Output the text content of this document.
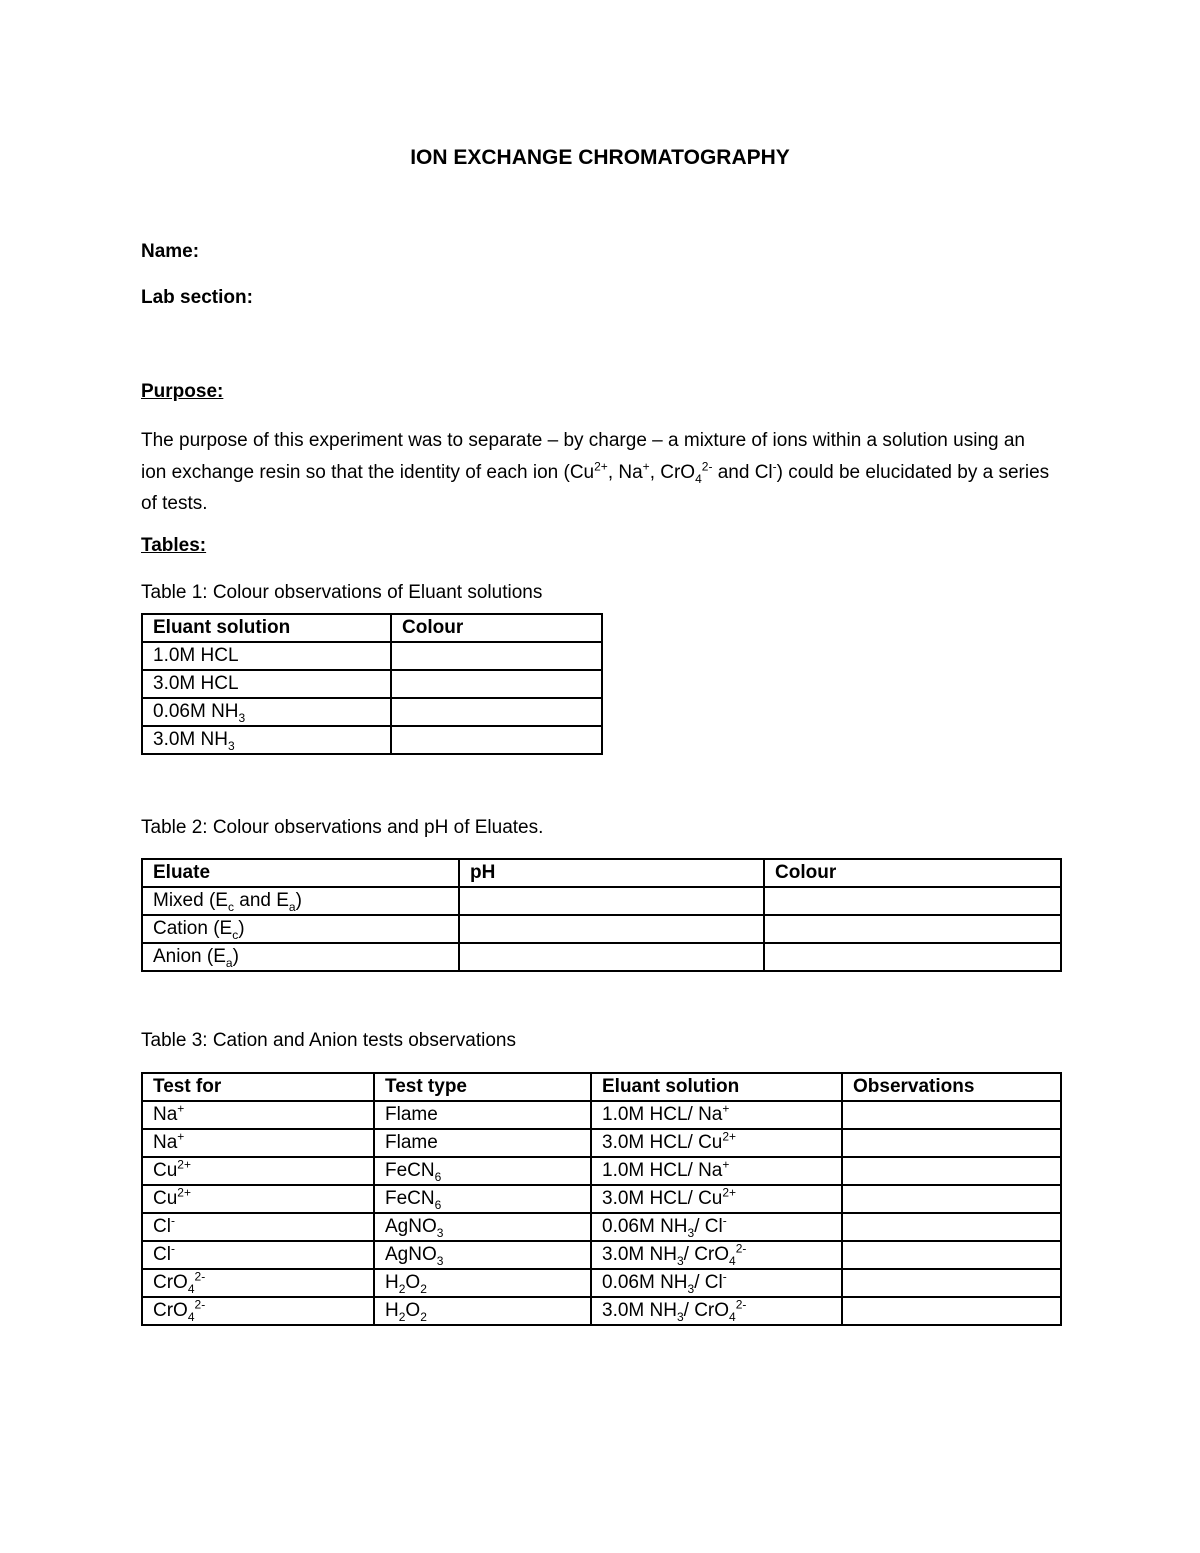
ION EXCHANGE CHROMATOGRAPHY
Name:
Lab section:
Purpose:
The purpose of this experiment was to separate – by charge – a mixture of ions within a solution using an ion exchange resin so that the identity of each ion ($Cu^{2+}$, Na+, CrO$_4^{2-}$ and Cl-) could be elucidated by a series of tests.
Tables:
Table 1: Colour observations of Eluant solutions
Eluant solution	Colour
1.0M HCL	
3.0M HCL	
0.06M $NH_3$	
3.0M $NH_3$	
Table 2: Colour observations and pH of Eluates.
Eluate	pH	Colour
Mixed ($E_c$ and $E_a$)		
Cation $(E_c)$		
Anion $(E_a)$		
Table 3: Cation and Anion tests observations
Test for	Test type	Eluant solution	Observations
Na+	Flame	1.0M HCL/ Na+	
Na+	Flame	3.0M HCL/ $Cu^{2+}$	
$Cu^{2+}$	FeCN$_6$	1.0M HCL/ Na+	
$Cu^{2+}$	FeCN$_6$	3.0M HCL/ $Cu^{2+}$	
Cl-	AgNO$_3$	0.06M $NH_3/$ Cl-	
Cl-	AgNO$_3$	3.0M $NH_3/$ CrO$_4^{2-}$	
CrO$_4^{2-}$	$H_2O_2$	0.06M $NH_3/$ Cl-	
CrO$_4^{2-}$	$H_2O_2$	3.0M $NH_3/$ CrO$_4^{2-}$	
